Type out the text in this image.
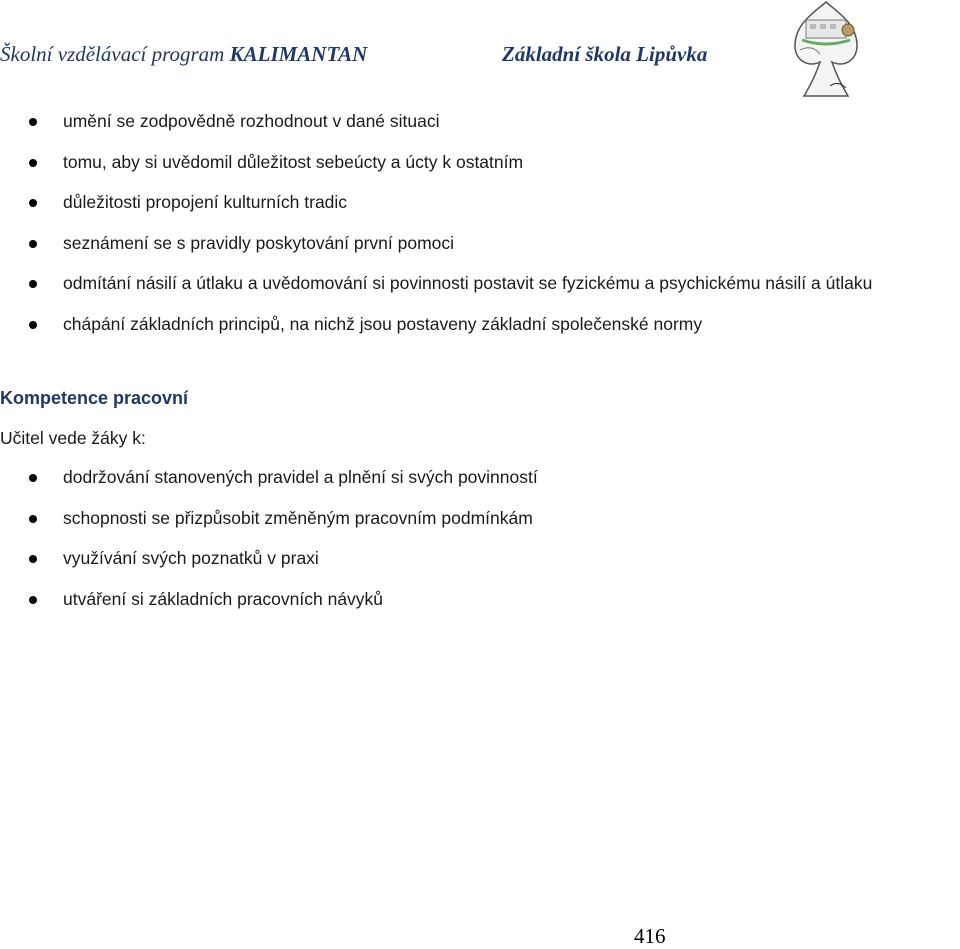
Školní vzdělávací program KALIMANTAN	Základní škola Lipůvka
umění se zodpovědně rozhodnout v dané situaci
tomu, aby si uvědomil důležitost sebeúcty a úcty k ostatním
důležitosti propojení kulturních tradic
seznámení se s pravidly poskytování první pomoci
odmítání násilí a útlaku a uvědomování si povinnosti postavit se fyzickému a psychickému násilí a útlaku
chápání základních principů, na nichž jsou postaveny základní společenské normy
Kompetence pracovní
Učitel vede žáky k:
dodržování stanovených pravidel a plnění si svých povinností
schopnosti se přizpůsobit změněným pracovním podmínkám
využívání svých poznatků v praxi
utváření si základních pracovních návyků
416
